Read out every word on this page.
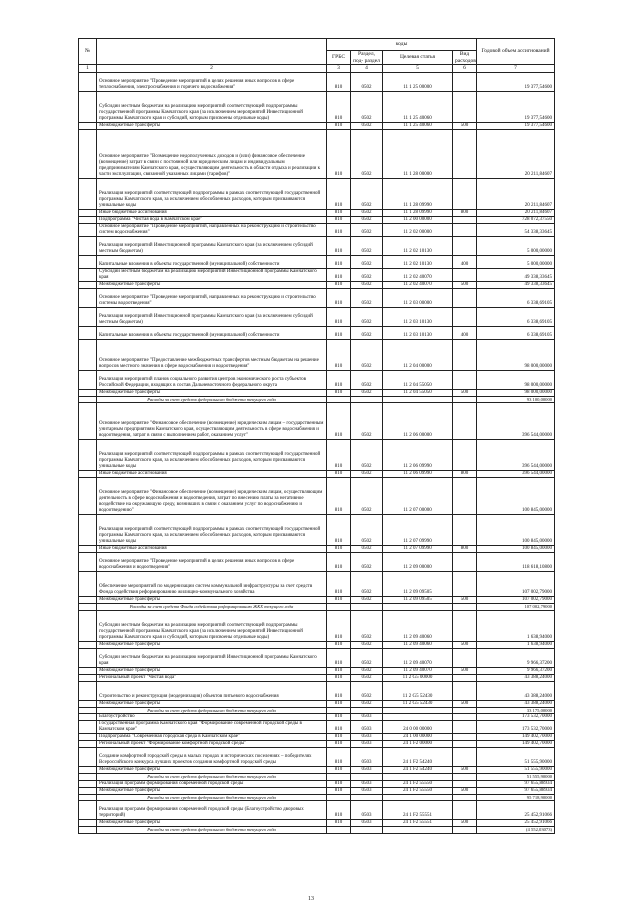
№		коды				Годовой объем ассигнований
		ГРБС	Раздел, под- раздел	Целевая статья	Вид расходов	
1	2	3	4	5	6	7
	Основное мероприятие "Проведение мероприятий в целях решения иных вопросов в сфере теплоснабжения, электроснабжения и горячего водоснабжения"	810	0502	11 1 25 00000		19 377,54600
	Субсидии местным бюджетам на реализацию мероприятий соответствующей подпрограммы государственной программы Камчатского края (за исключением мероприятий Инвестиционной программы Камчатского края и субсидий, которым присвоены отдельные коды)	810	0502	11 1 25 40060		19 377,54600
	Межбюджетные трансферты	810	0502	11 1 25 40060	500	19 377,54600
	Основное мероприятие "Возмещение недополученных доходов и (или) финансовое обеспечение (возмещение) затрат в связи с постоянной или юридическим лицам и индивидуальным предпринимателям Камчатского края, осуществляющим деятельность в области отдыха и реализации к части эксплуатации, связанной указанных лицами (тарифов)"	810	0502	11 1 28 00000		20 211,84607
	Реализация мероприятий соответствующей подпрограммы в рамках соответствующей государственной программы Камчатского края, за исключением обособленных расходов, которым присваиваются уникальные коды	810	0502	11 1 28 09990		20 211,84607
	Иные бюджетные ассигнования	810	0502	11 1 28 09990	800	20 211,84607
	Подпрограмма "Чистая вода в Камчатском крае"	810	0502	11 2 00 00000		728 072,37550
	Основное мероприятие "Проведение мероприятий, направленных на реконструкцию и строительство систем водоснабжения"	810	0502	11 2 02 00000		54 338,33645
	Реализация мероприятий Инвестиционной программы Камчатского края (за исключением субсидий местным бюджетам)	810	0502	11 2 02 10130		5 000,00000
	Капитальные вложения в объекты государственной (муниципальной) собственности	810	0502	11 2 02 10130	400	5 000,00000
	Субсидии местным бюджетам на реализацию мероприятий Инвестиционной программы Камчатского края	810	0502	11 2 02 40070		49 338,33645
	Межбюджетные трансферты	810	0502	11 2 02 40070	500	49 338,33645
	Основное мероприятие "Проведение мероприятий, направленных на реконструкцию и строительство системы водоотведения"	810	0502	11 2 03 00000		6 338,69105
	Реализация мероприятий Инвестиционной программы Камчатского края (за исключением субсидий местным бюджетам)	810	0502	11 2 03 10130		6 338,69105
	Капитальные вложения в объекты государственной (муниципальной) собственности	810	0502	11 2 03 10130	400	6 338,69105
	Основное мероприятие "Предоставление межбюджетных трансфертов местным бюджетам на решение вопросов местного значения в сфере водоснабжения и водоотведения"	810	0502	11 2 04 00000		98 000,00000
	Реализация мероприятий планов социального развития центров экономического роста субъектов Российской Федерации, входящих в состав Дальневосточного федерального округа	810	0502	11 2 04 55050		98 000,00000
	Межбюджетные трансферты	810	0502	11 2 04 55050	500	98 000,00000
	Расходы за счет средств федерального бюджета текущего года					93 100,00000
	Основное мероприятие "Финансовое обеспечение (возмещение) юридическим лицам – государственным унитарным предприятиям Камчатского края, осуществляющим деятельность в сфере водоснабжения и водоотведения, затрат в связи с выполнением работ, оказанием услуг"	810	0502	11 2 06 00000		396 544,00000
	Реализация мероприятий соответствующей подпрограммы в рамках соответствующей государственной программы Камчатского края, за исключением обособленных расходов, которым присваиваются уникальные коды	810	0502	11 2 06 09990		396 544,00000
	Иные бюджетные ассигнования	810	0502	11 2 06 09990	800	396 544,00000
	Основное мероприятие "Финансовое обеспечение (возмещение) юридическим лицам, осуществляющим деятельность в сфере водоснабжения и водоотведения, затрат по внесению платы за негативное воздействие на окружающую среду, возникших в связи с оказанием услуг по водоснабжению и водоотведению"	810	0502	11 2 07 00000		100 845,00000
	Реализация мероприятий соответствующей подпрограммы в рамках соответствующей государственной программы Камчатского края, за исключением обособленных расходов, которым присваиваются уникальные коды	810	0502	11 2 07 09990		100 845,00000
	Иные бюджетные ассигнования	810	0502	11 2 07 09990	800	100 845,00000
	Основное мероприятие "Проведение мероприятий в целях решения иных вопросов в сфере водоснабжения и водоотведения"	810	0502	11 2 09 00000		118 618,10800
	Обеспечение мероприятий по модернизации систем коммунальной инфраструктуры за счет средств Фонда содействия реформированию жилищно-коммунального хозяйства	810	0502	11 2 09 09505		107 002,79000
	Межбюджетные трансферты	810	0502	11 2 09 09505	500	107 002,79000
	Расходы за счет средств Фонда содействия реформированию ЖКХ текущего года					107 002,79000
	Субсидии местным бюджетам на реализацию мероприятий соответствующей подпрограммы государственной программы Камчатского края (за исключением мероприятий Инвестиционной программы Камчатского края и субсидий, которым присвоены отдельные коды)	810	0502	11 2 09 40060		1 638,94000
	Межбюджетные трансферты	810	0502	11 2 09 40060	500	1 638,94000
	Субсидии местным бюджетам на реализацию мероприятий Инвестиционной программы Камчатского края	810	0502	11 2 09 40070		9 966,37200
	Межбюджетные трансферты	810	0502	11 2 09 40070	500	9 966,37200
	Региональный проект "Чистая вода"	810	0502	11 2 G5 00000		43 388,24000
	Строительство и реконструкция (модернизация) объектов питьевого водоснабжения	810	0502	11 2 G5 52430		43 388,24000
	Межбюджетные трансферты	810	0502	11 2 G5 52430	500	43 388,24000
	Расходы за счет средств федерального бюджета текущего года					33 175,00000
	Благоустройство	810	0503			173 532,70000
	Государственная программа Камчатского края "Формирование современной городской среды в Камчатском крае"	810	0503	24 0 00 00000		173 532,70000
	Подпрограмма "Современная городская среда в Камчатском крае"	810	0503	24 1 00 00000		149 402,70000
	Региональный проект "Формирование комфортной городской среды"	810	0503	24 1 F2 00000		149 402,70000
	Создание комфортной городской среды в малых городах и исторических поселениях – победителях Всероссийского конкурса лучших проектов создания комфортной городской среды	810	0503	24 1 F2 54240		51 555,90000
	Межбюджетные трансферты	810	0503	24 1 F2 54240	500	51 555,90000
	Расходы за счет средств федерального бюджета текущего года					51 555,90000
	Реализация программ формирования современной городской среды	810	0503	24 1 F2 55550		97 655,88934
	Межбюджетные трансферты	810	0503	24 1 F2 55550	500	97 655,88934
	Расходы за счет средств федерального бюджета текущего года					95 718,90000
	Реализация программ формирования современной городской среды (Благоустройство дворовых территорий)	810	0503	24 1 F2 55551		25 452,91066
	Межбюджетные трансферты	810	0503	24 1 F2 55551	500	25 452,91066
	Расходы за счет средств федерального бюджета текущего года					(4 552,03073)
13
